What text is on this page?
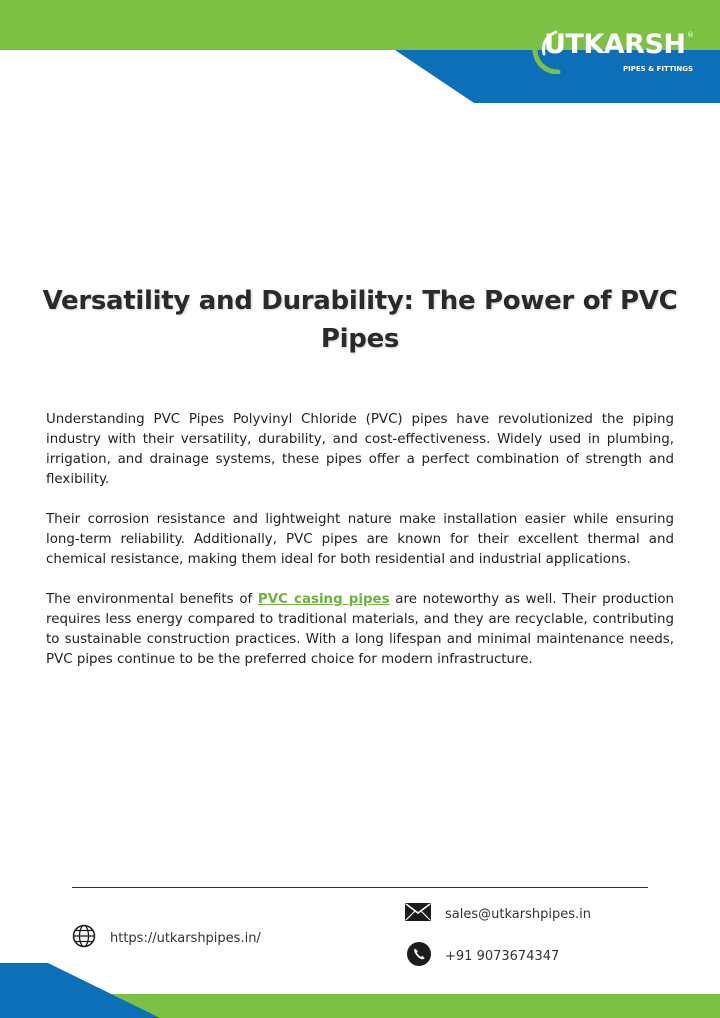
UTKARSH ®
PIPES & FITTINGS
Versatility and Durability: The Power of PVC Pipes

Understanding PVC Pipes Polyvinyl Chloride (PVC) pipes have revolutionized the piping industry with their versatility, durability, and cost-effectiveness. Widely used in plumbing, irrigation, and drainage systems, these pipes offer a perfect combination of strength and flexibility.

Their corrosion resistance and lightweight nature make installation easier while ensuring long-term reliability. Additionally, PVC pipes are known for their excellent thermal and chemical resistance, making them ideal for both residential and industrial applications.

The environmental benefits of PVC casing pipes are noteworthy as well. Their production requires less energy compared to traditional materials, and they are recyclable, contributing to sustainable construction practices. With a long lifespan and minimal maintenance needs, PVC pipes continue to be the preferred choice for modern infrastructure.

sales@utkarshpipes.in
https://utkarshpipes.in/
+91 9073674347
